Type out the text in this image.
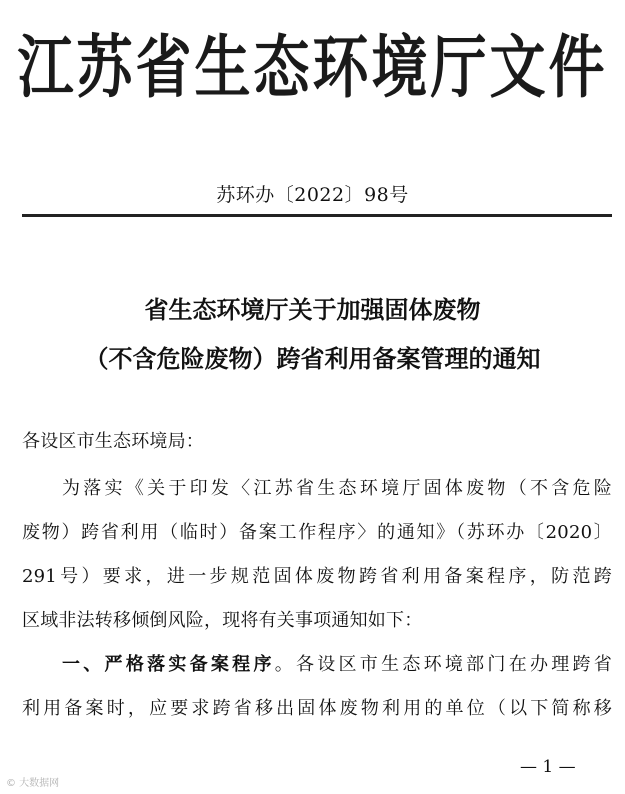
江苏省生态环境厅文件
苏环办〔2022〕98号
省生态环境厅关于加强固体废物
（不含危险废物）跨省利用备案管理的通知
各设区市生态环境局：
为落实《关于印发〈江苏省生态环境厅固体废物（不含危险
废物）跨省利用（临时）备案工作程序〉的通知》（苏环办〔2020〕
291号）要求，进一步规范固体废物跨省利用备案程序，防范跨
区域非法转移倾倒风险，现将有关事项通知如下：
一、严格落实备案程序。各设区市生态环境部门在办理跨省
利用备案时，应要求跨省移出固体废物利用的单位（以下简称移
— 1 —
© 大数据网
